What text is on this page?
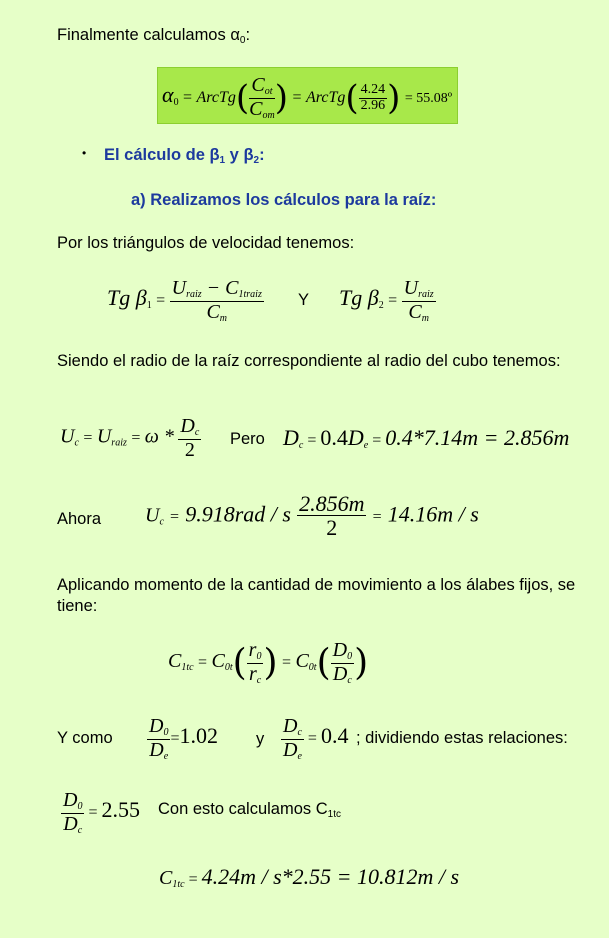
Finalmente calculamos $\alpha_0$:
$\alpha_0$ = ArcTg( $\frac{C_{ot}}{C_{om}}$ ) = ArcTg( $\frac{4.24}{2.96}$ ) = 55.08º
• El cálculo de $\beta_1$ y $\beta_2$:
a) Realizamos los cálculos para la raíz:
Por los triángulos de velocidad tenemos:
Tg $\beta_1 = \frac{U_{raiz} - C_{1traiz}}{C_m}$ Y Tg $\beta_2 = \frac{U_{raiz}}{C_m}$
Siendo el radio de la raíz correspondiente al radio del cubo tenemos:
$U_c = U_{raiz} = \omega * \frac{D_c}{2}$ Pero $D_c = 0.4D_e = 0.4*7.14m = 2.856m$
Ahora $U_c = 9.918rad / s \frac{2.856m}{2} = 14.16m / s$
Aplicando momento de la cantidad de movimiento a los álabes fijos, se tiene:
$C_{1tc} = C_{0t}( \frac{r_0}{r_c}$ ) = $C_{0t}( \frac{D_0}{D_c}$ )
Y como $\frac{D_0}{D_e} =1.02$ y $\frac{D_c}{D_e} = 0.4$ ; dividiendo estas relaciones:
$\frac{D_0}{D_c} = 2.55$ Con esto calculamos $C_{1tc}$
$C_{1tc} = 4.24m / s*2.55 = 10.812m / s$
